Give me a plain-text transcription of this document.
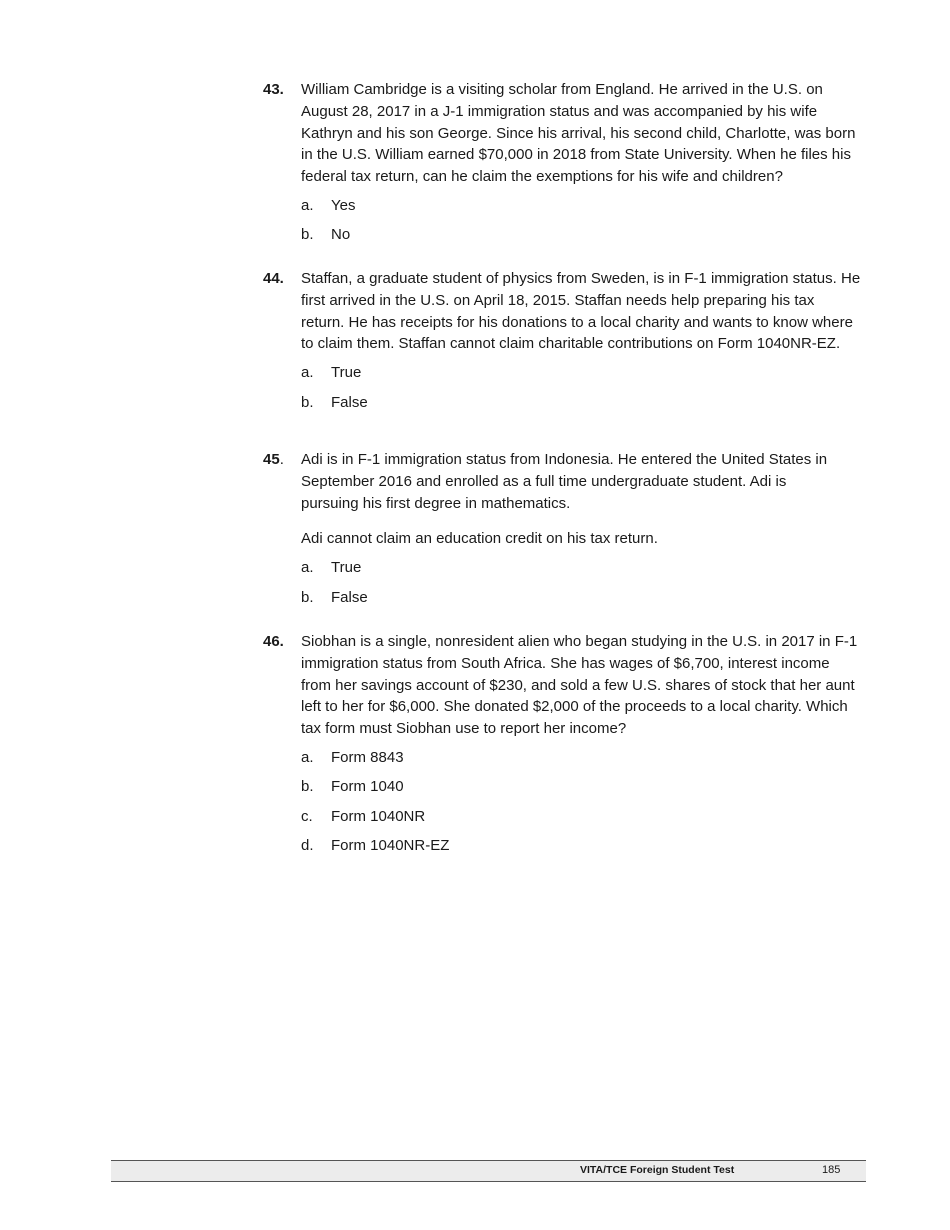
43. William Cambridge is a visiting scholar from England. He arrived in the U.S. on August 28, 2017 in a J-1 immigration status and was accompanied by his wife Kathryn and his son George. Since his arrival, his second child, Charlotte, was born in the U.S. William earned $70,000 in 2018 from State University. When he files his federal tax return, can he claim the exemptions for his wife and children?
a. Yes
b. No
44. Staffan, a graduate student of physics from Sweden, is in F-1 immigration status. He first arrived in the U.S. on April 18, 2015. Staffan needs help preparing his tax return. He has receipts for his donations to a local charity and wants to know where to claim them. Staffan cannot claim charitable contributions on Form 1040NR-EZ.
a. True
b. False
45. Adi is in F-1 immigration status from Indonesia. He entered the United States in September 2016 and enrolled as a full time undergraduate student. Adi is pursuing his first degree in mathematics.
Adi cannot claim an education credit on his tax return.
a. True
b. False
46. Siobhan is a single, nonresident alien who began studying in the U.S. in 2017 in F-1 immigration status from South Africa. She has wages of $6,700, interest income from her savings account of $230, and sold a few U.S. shares of stock that her aunt left to her for $6,000. She donated $2,000 of the proceeds to a local charity. Which tax form must Siobhan use to report her income?
a. Form 8843
b. Form 1040
c. Form 1040NR
d. Form 1040NR-EZ
VITA/TCE Foreign Student Test	185
